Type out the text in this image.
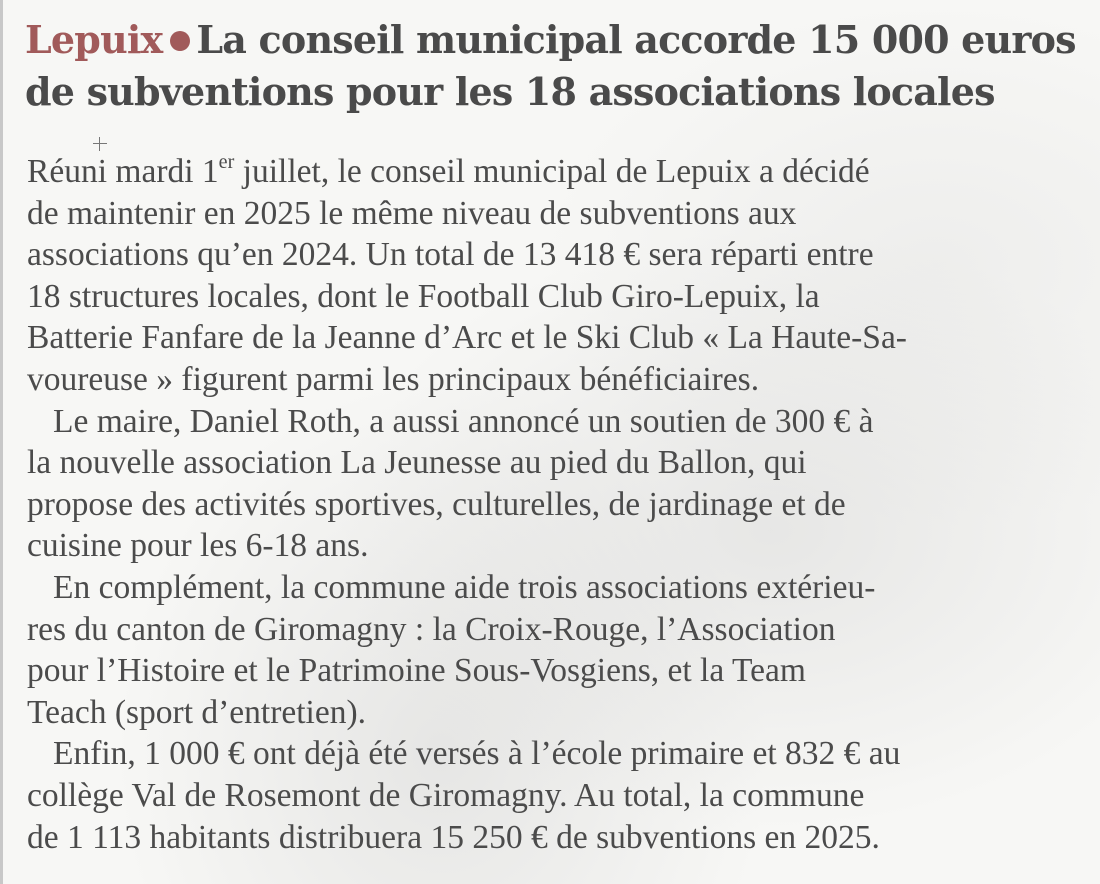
Lepuix La conseil municipal accorde 15 000 euros
de subventions pour les 18 associations locales

Réuni mardi 1er juillet, le conseil municipal de Lepuix a décidé

de maintenir en 2025 le même niveau de subventions aux

associations qu’en 2024. Un total de 13 418 € sera réparti entre

18 structures locales, dont le Football Club Giro-Lepuix, la

Batterie Fanfare de la Jeanne d’Arc et le Ski Club « La Haute-Sa-

voureuse » figurent parmi les principaux bénéficiaires.

Le maire, Daniel Roth, a aussi annoncé un soutien de 300 € à

la nouvelle association La Jeunesse au pied du Ballon, qui

propose des activités sportives, culturelles, de jardinage et de

cuisine pour les 6-18 ans.

En complément, la commune aide trois associations extérieu-

res du canton de Giromagny : la Croix-Rouge, l’Association

pour l’Histoire et le Patrimoine Sous-Vosgiens, et la Team

Teach (sport d’entretien).

Enfin, 1 000 € ont déjà été versés à l’école primaire et 832 € au

collège Val de Rosemont de Giromagny. Au total, la commune

de 1 113 habitants distribuera 15 250 € de subventions en 2025.
